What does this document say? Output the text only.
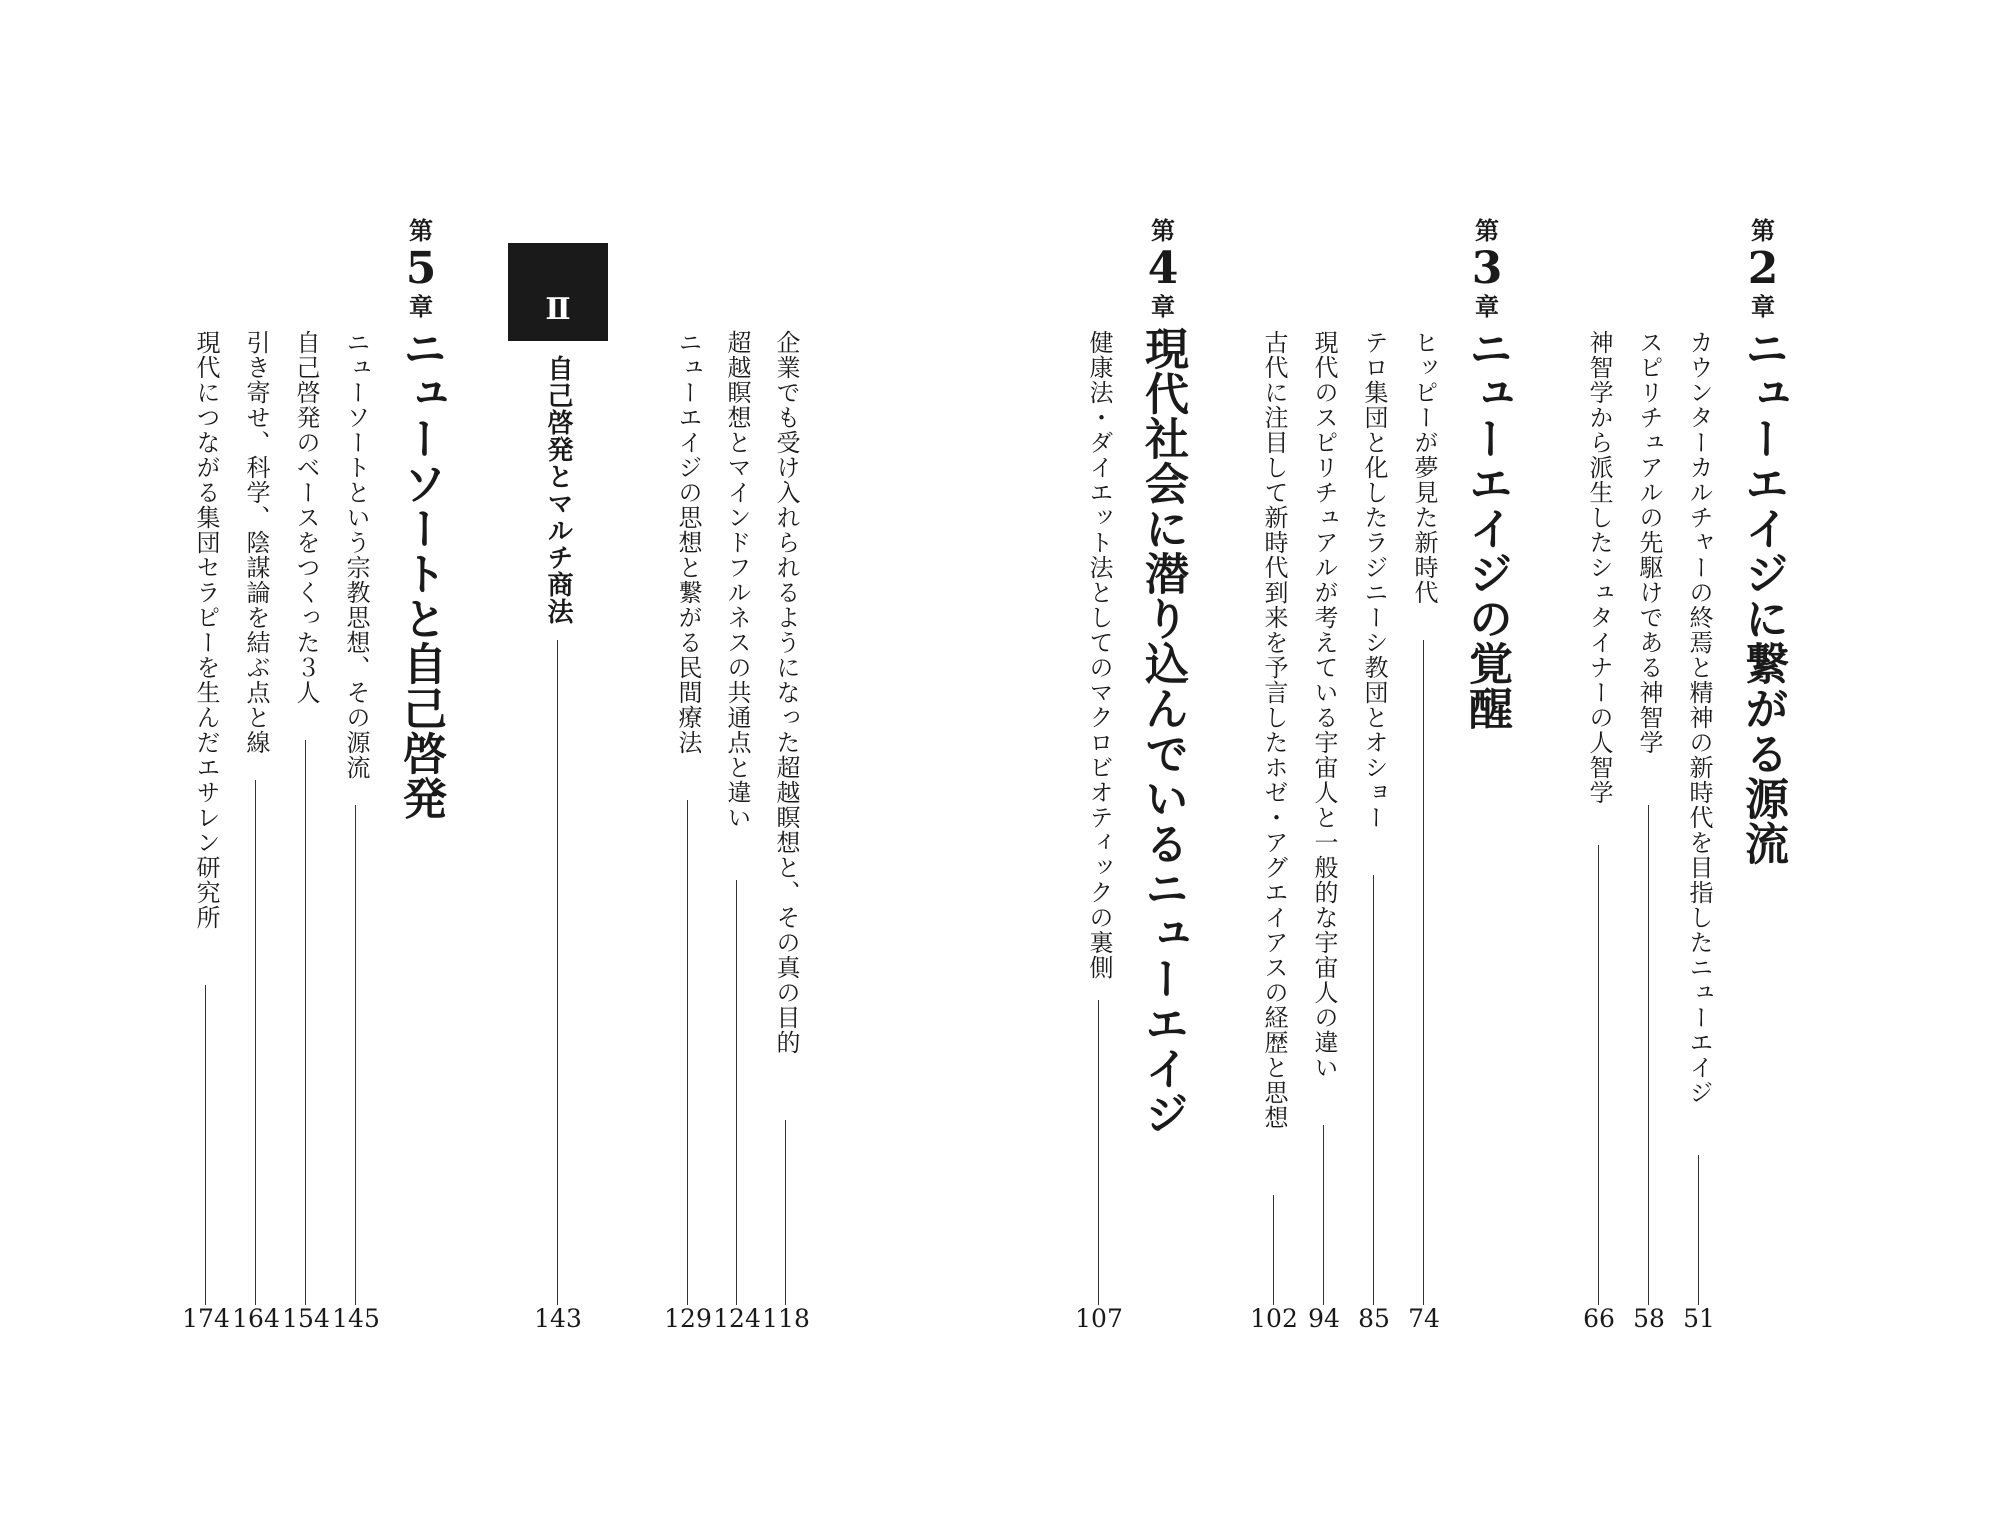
第
2
章
ニューエイジに繋がる源流
カウンターカルチャーの終焉と精神の新時代を目指したニューエイジ
51
スピリチュアルの先駆けである神智学
58
神智学から派生したシュタイナーの人智学
66
第
3
章
ニューエイジの覚醒
ヒッピーが夢見た新時代
74
テロ集団と化したラジニーシ教団とオショー
85
現代のスピリチュアルが考えている宇宙人と一般的な宇宙人の違い
94
古代に注目して新時代到来を予言したホゼ・アグエイアスの経歴と思想
102
第
4
章
現代社会に潜り込んでいるニューエイジ
健康法・ダイエット法としてのマクロビオティックの裏側
107
企業でも受け入れられるようになった超越瞑想と、その真の目的
118
超越瞑想とマインドフルネスの共通点と違い
124
ニューエイジの思想と繋がる民間療法
129
Ⅱ
自己啓発とマルチ商法
143
第
5
章
ニューソートと自己啓発
ニューソートという宗教思想、その源流
145
自己啓発のベースをつくった３人
154
引き寄せ、科学、陰謀論を結ぶ点と線
164
現代につながる集団セラピーを生んだエサレン研究所
174
